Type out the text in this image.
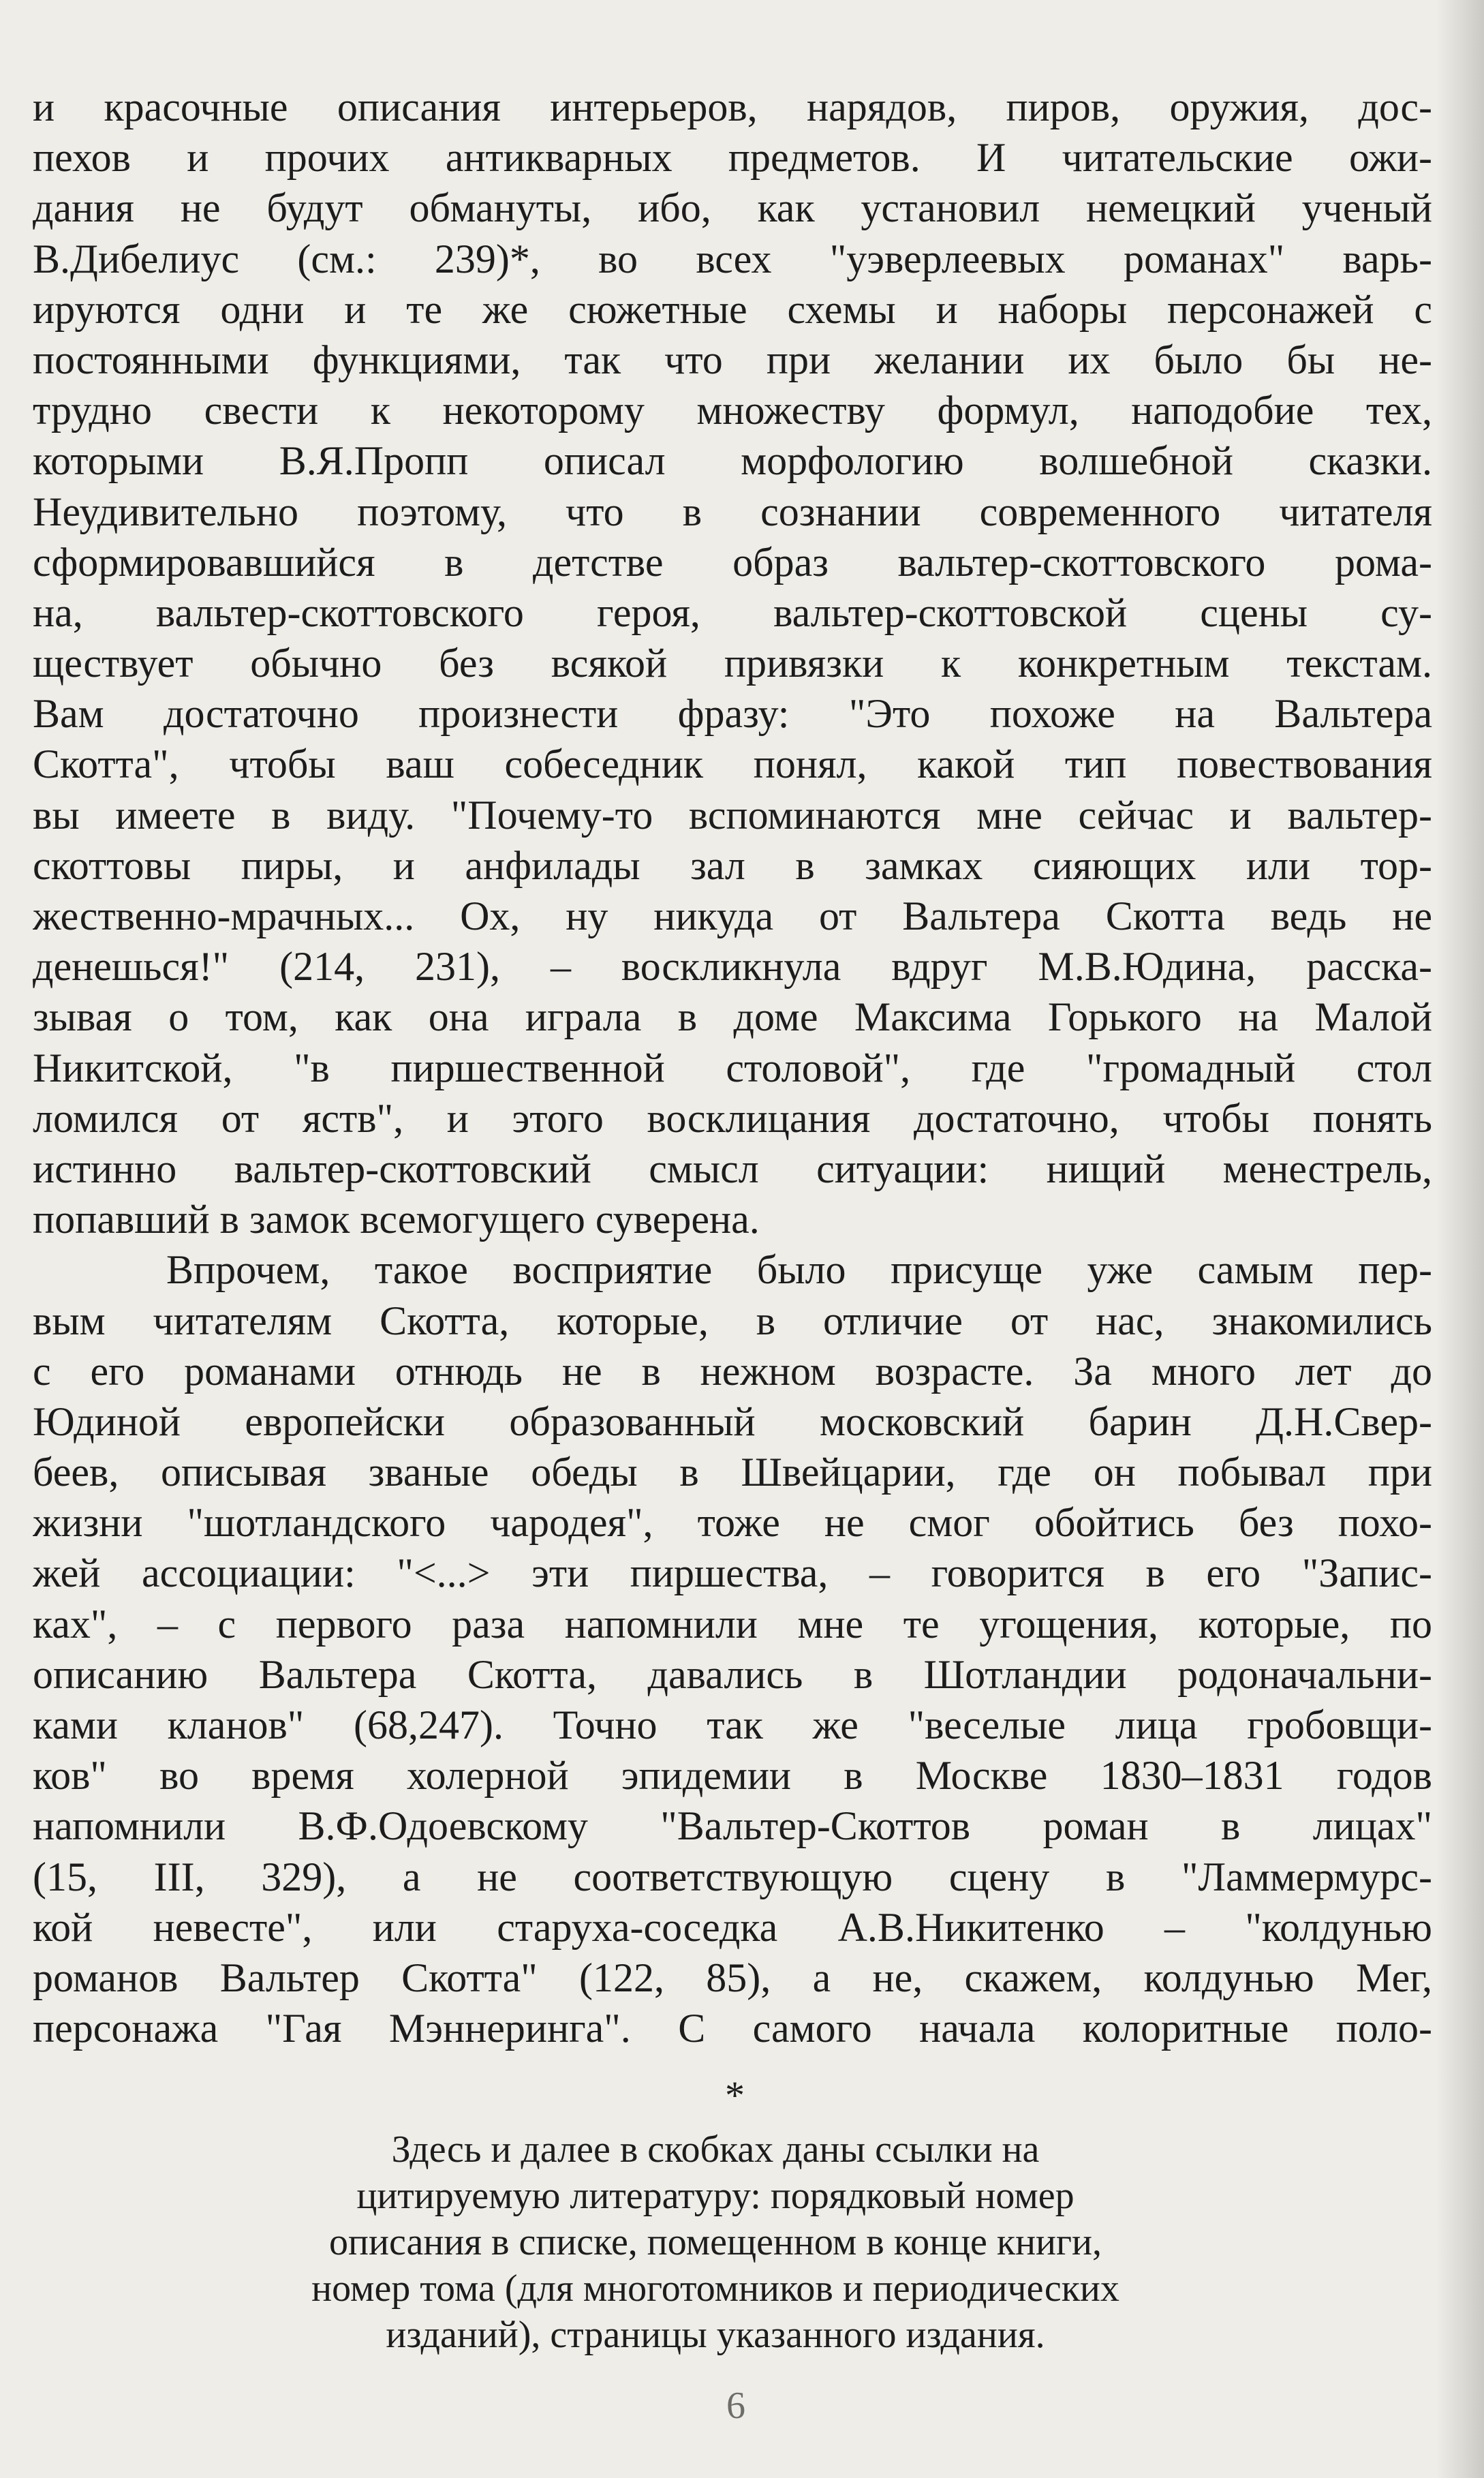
и красочные описания интерьеров, нарядов, пиров, оружия, дос-
пехов и прочих антикварных предметов. И читательские ожи-
дания не будут обмануты, ибо, как установил немецкий ученый
В.Дибелиус (см.: 239)*, во всех "уэверлеевых романах" варь-
ируются одни и те же сюжетные схемы и наборы персонажей с
постоянными функциями, так что при желании их было бы не-
трудно свести к некоторому множеству формул, наподобие тех,
которыми В.Я.Пропп описал морфологию волшебной сказки.
Неудивительно поэтому, что в сознании современного читателя
сформировавшийся в детстве образ вальтер-скоттовского рома-
на, вальтер-скоттовского героя, вальтер-скоттовской сцены су-
ществует обычно без всякой привязки к конкретным текстам.
Вам достаточно произнести фразу: "Это похоже на Вальтера
Скотта", чтобы ваш собеседник понял, какой тип повествования
вы имеете в виду. "Почему-то вспоминаются мне сейчас и вальтер-
скоттовы пиры, и анфилады зал в замках сияющих или тор-
жественно-мрачных... Ох, ну никуда от Вальтера Скотта ведь не
денешься!" (214, 231), – воскликнула вдруг М.В.Юдина, расска-
зывая о том, как она играла в доме Максима Горького на Малой
Никитской, "в пиршественной столовой", где "громадный стол
ломился от яств", и этого восклицания достаточно, чтобы понять
истинно вальтер-скоттовский смысл ситуации: нищий менестрель,
попавший в замок всемогущего суверена.
Впрочем, такое восприятие было присуще уже самым пер-
вым читателям Скотта, которые, в отличие от нас, знакомились
с его романами отнюдь не в нежном возрасте. За много лет до
Юдиной европейски образованный московский барин Д.Н.Свер-
беев, описывая званые обеды в Швейцарии, где он побывал при
жизни "шотландского чародея", тоже не смог обойтись без похо-
жей ассоциации: "<...> эти пиршества, – говорится в его "Запис-
ках", – с первого раза напомнили мне те угощения, которые, по
описанию Вальтера Скотта, давались в Шотландии родоначальни-
ками кланов" (68,247). Точно так же "веселые лица гробовщи-
ков" во время холерной эпидемии в Москве 1830–1831 годов
напомнили В.Ф.Одоевскому "Вальтер-Скоттов роман в лицах"
(15, III, 329), а не соответствующую сцену в "Ламмермурс-
кой невесте", или старуха-соседка А.В.Никитенко – "колдунью
романов Вальтер Скотта" (122, 85), а не, скажем, колдунью Мег,
персонажа "Гая Мэннеринга". С самого начала колоритные поло-
*
Здесь и далее в скобках даны ссылки на
цитируемую литературу: порядковый номер
описания в списке, помещенном в конце книги,
номер тома (для многотомников и периодических
изданий), страницы указанного издания.
6
